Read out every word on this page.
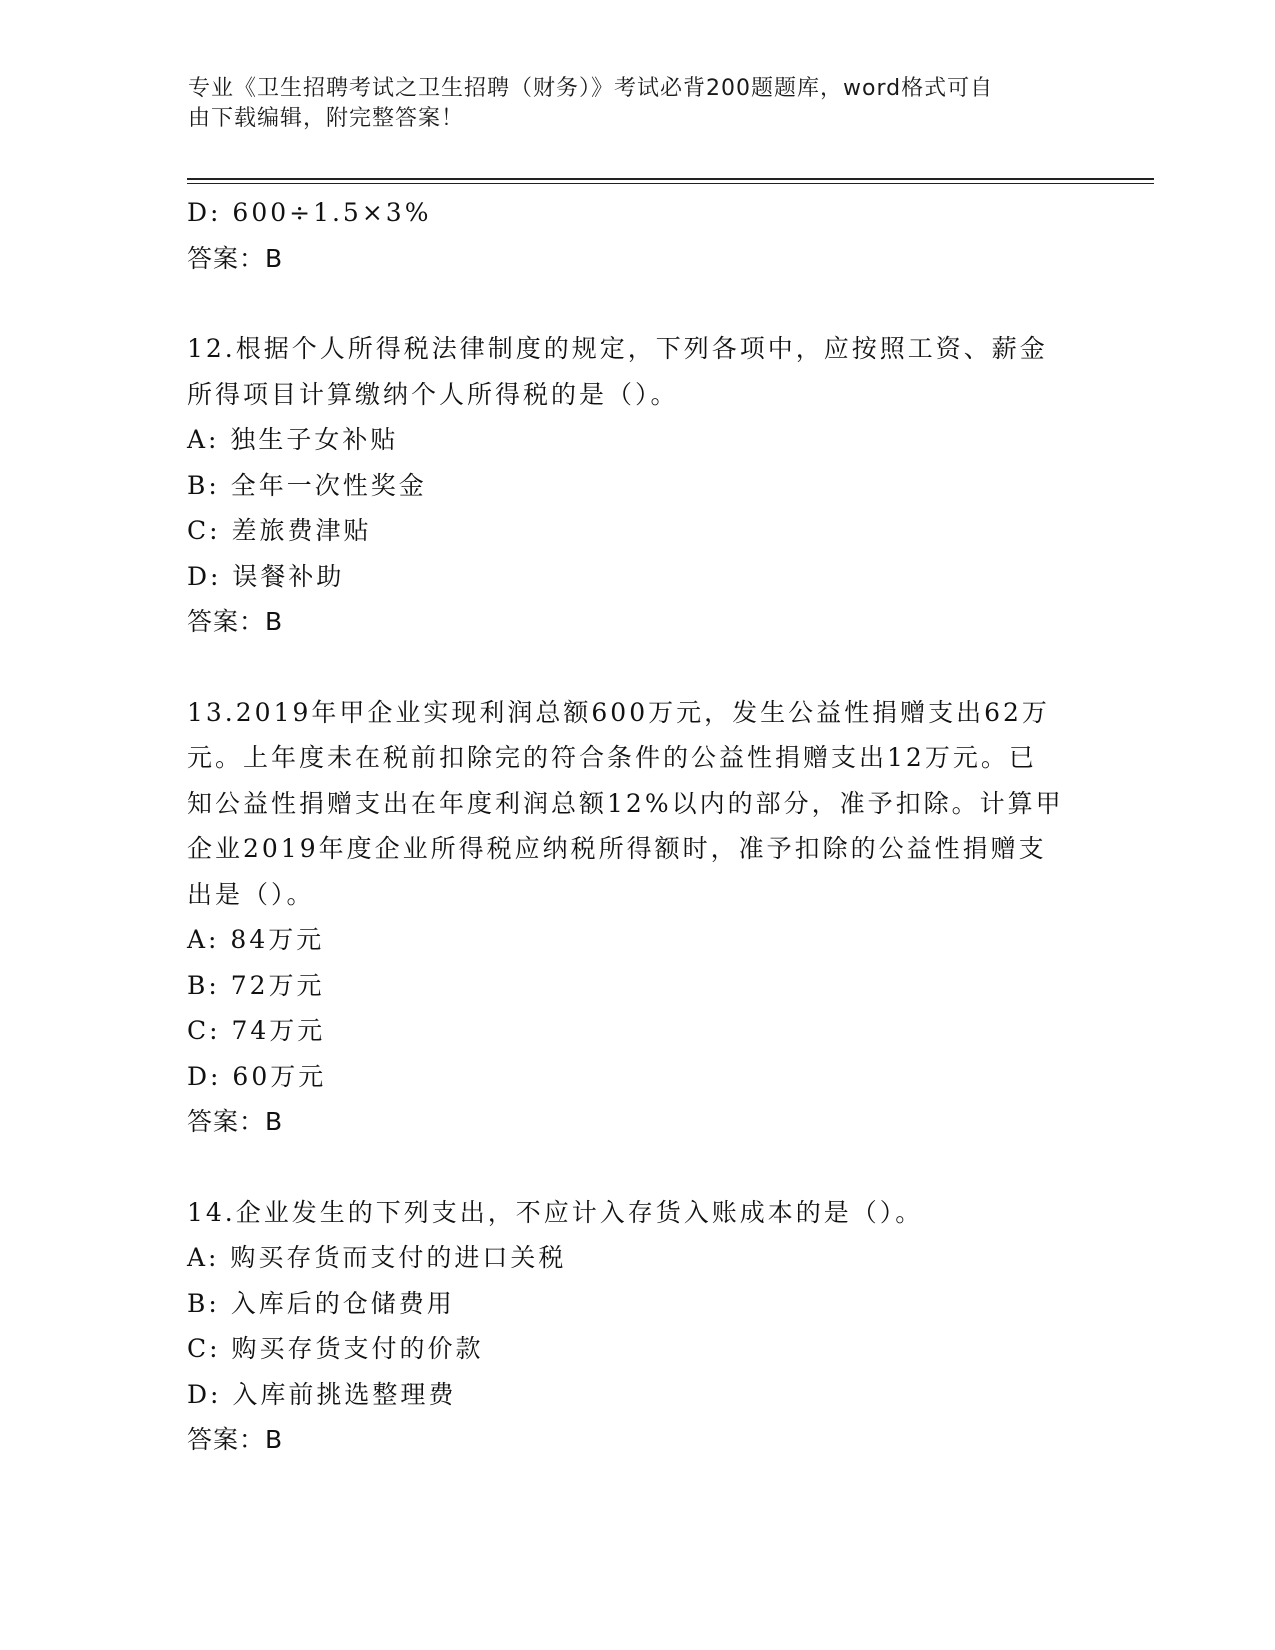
专业《卫生招聘考试之卫生招聘（财务）》考试必背200题题库，word格式可自
由下载编辑，附完整答案！
D: 600÷1.5×3%
答案：B
12.根据个人所得税法律制度的规定，下列各项中，应按照工资、薪金
所得项目计算缴纳个人所得税的是（）。
A: 独生子女补贴
B: 全年一次性奖金
C: 差旅费津贴
D: 误餐补助
答案：B
13.2019年甲企业实现利润总额600万元，发生公益性捐赠支出62万
元。上年度未在税前扣除完的符合条件的公益性捐赠支出12万元。已
知公益性捐赠支出在年度利润总额12%以内的部分，准予扣除。计算甲
企业2019年度企业所得税应纳税所得额时，准予扣除的公益性捐赠支
出是（）。
A: 84万元
B: 72万元
C: 74万元
D: 60万元
答案：B
14.企业发生的下列支出，不应计入存货入账成本的是（）。
A: 购买存货而支付的进口关税
B: 入库后的仓储费用
C: 购买存货支付的价款
D: 入库前挑选整理费
答案：B
